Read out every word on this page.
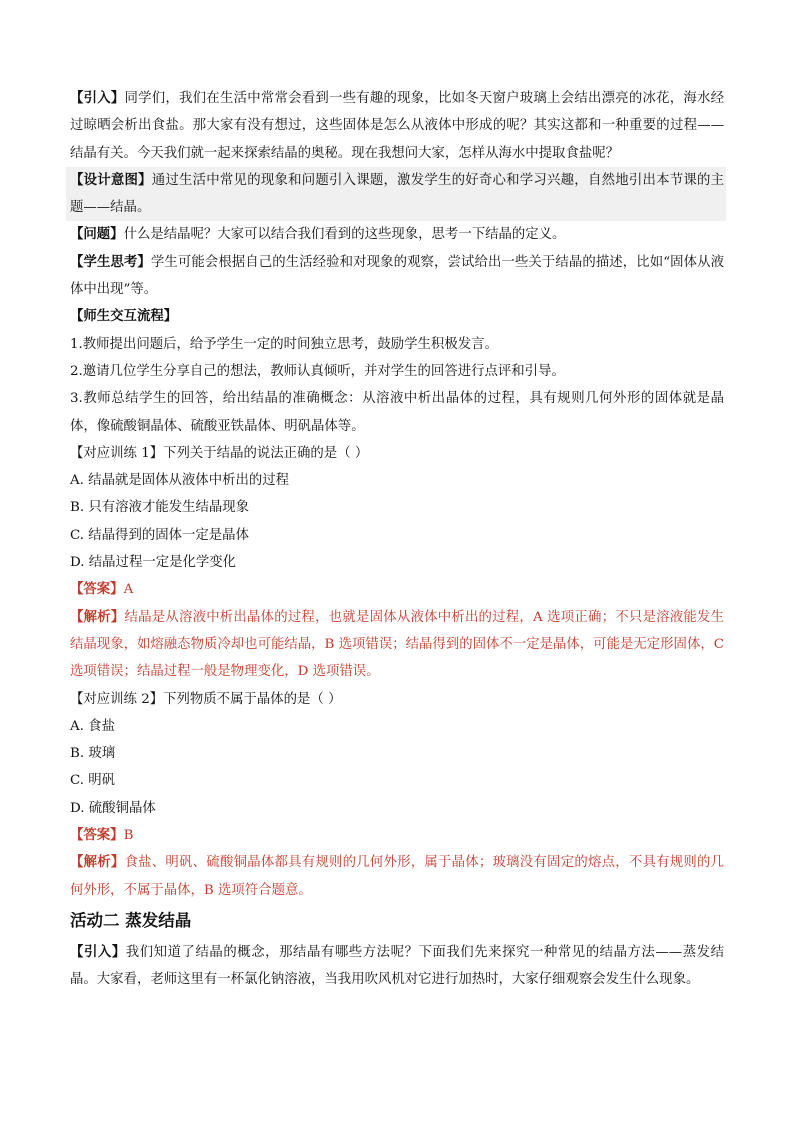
【引入】同学们，我们在生活中常常会看到一些有趣的现象，比如冬天窗户玻璃上会结出漂亮的冰花，海水经过晾晒会析出食盐。那大家有没有想过，这些固体是怎么从液体中形成的呢？其实这都和一种重要的过程——结晶有关。今天我们就一起来探索结晶的奥秘。现在我想问大家，怎样从海水中提取食盐呢？

【设计意图】通过生活中常见的现象和问题引入课题，激发学生的好奇心和学习兴趣，自然地引出本节课的主题——结晶。

【问题】什么是结晶呢？大家可以结合我们看到的这些现象，思考一下结晶的定义。

【学生思考】学生可能会根据自己的生活经验和对现象的观察，尝试给出一些关于结晶的描述，比如“固体从液体中出现”等。

【师生交互流程】

1.教师提出问题后，给予学生一定的时间独立思考，鼓励学生积极发言。

2.邀请几位学生分享自己的想法，教师认真倾听，并对学生的回答进行点评和引导。

3.教师总结学生的回答，给出结晶的准确概念：从溶液中析出晶体的过程，具有规则几何外形的固体就是晶体，像硫酸铜晶体、硫酸亚铁晶体、明矾晶体等。

【对应训练 1】下列关于结晶的说法正确的是（ ）

A. 结晶就是固体从液体中析出的过程

B. 只有溶液才能发生结晶现象

C. 结晶得到的固体一定是晶体

D. 结晶过程一定是化学变化

【答案】A

【解析】结晶是从溶液中析出晶体的过程，也就是固体从液体中析出的过程，A 选项正确；不只是溶液能发生结晶现象，如熔融态物质冷却也可能结晶，B 选项错误；结晶得到的固体不一定是晶体，可能是无定形固体，C 选项错误；结晶过程一般是物理变化，D 选项错误。

【对应训练 2】下列物质不属于晶体的是（ ）

A. 食盐

B. 玻璃

C. 明矾

D. 硫酸铜晶体

【答案】B

【解析】食盐、明矾、硫酸铜晶体都具有规则的几何外形，属于晶体；玻璃没有固定的熔点，不具有规则的几何外形，不属于晶体，B 选项符合题意。

活动二 蒸发结晶

【引入】我们知道了结晶的概念，那结晶有哪些方法呢？下面我们先来探究一种常见的结晶方法——蒸发结晶。大家看，老师这里有一杯氯化钠溶液，当我用吹风机对它进行加热时，大家仔细观察会发生什么现象。
